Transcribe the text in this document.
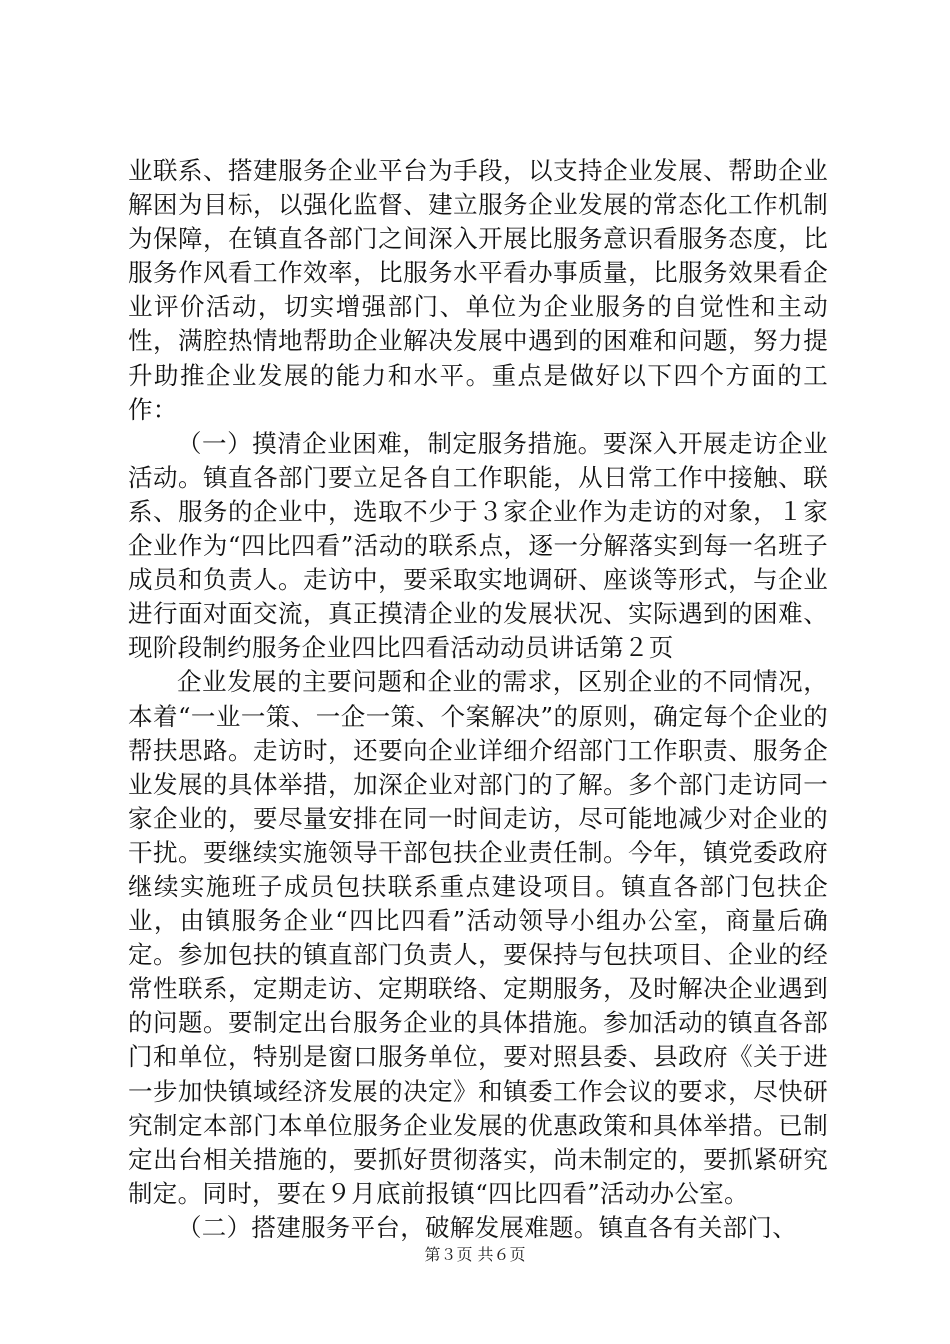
业联系、搭建服务企业平台为手段，以支持企业发展、帮助企业解困为目标，以强化监督、建立服务企业发展的常态化工作机制为保障，在镇直各部门之间深入开展比服务意识看服务态度，比服务作风看工作效率，比服务水平看办事质量，比服务效果看企业评价活动，切实增强部门、单位为企业服务的自觉性和主动性，满腔热情地帮助企业解决发展中遇到的困难和问题，努力提升助推企业发展的能力和水平。重点是做好以下四个方面的工作：

（一）摸清企业困难，制定服务措施。要深入开展走访企业活动。镇直各部门要立足各自工作职能，从日常工作中接触、联系、服务的企业中，选取不少于３家企业作为走访的对象，１家企业作为“四比四看”活动的联系点，逐一分解落实到每一名班子成员和负责人。走访中，要采取实地调研、座谈等形式，与企业进行面对面交流，真正摸清企业的发展状况、实际遇到的困难、现阶段制约服务企业四比四看活动动员讲话第２页

企业发展的主要问题和企业的需求，区别企业的不同情况，本着“一业一策、一企一策、个案解决”的原则，确定每个企业的帮扶思路。走访时，还要向企业详细介绍部门工作职责、服务企业发展的具体举措，加深企业对部门的了解。多个部门走访同一家企业的，要尽量安排在同一时间走访，尽可能地减少对企业的干扰。要继续实施领导干部包扶企业责任制。今年，镇党委政府继续实施班子成员包扶联系重点建设项目。镇直各部门包扶企业，由镇服务企业“四比四看”活动领导小组办公室，商量后确定。参加包扶的镇直部门负责人，要保持与包扶项目、企业的经常性联系，定期走访、定期联络、定期服务，及时解决企业遇到的问题。要制定出台服务企业的具体措施。参加活动的镇直各部门和单位，特别是窗口服务单位，要对照县委、县政府《关于进一步加快镇域经济发展的决定》和镇委工作会议的要求，尽快研究制定本部门本单位服务企业发展的优惠政策和具体举措。已制定出台相关措施的，要抓好贯彻落实，尚未制定的，要抓紧研究制定。同时，要在９月底前报镇“四比四看”活动办公室。

（二）搭建服务平台，破解发展难题。镇直各有关部门、

第３页 共６页
